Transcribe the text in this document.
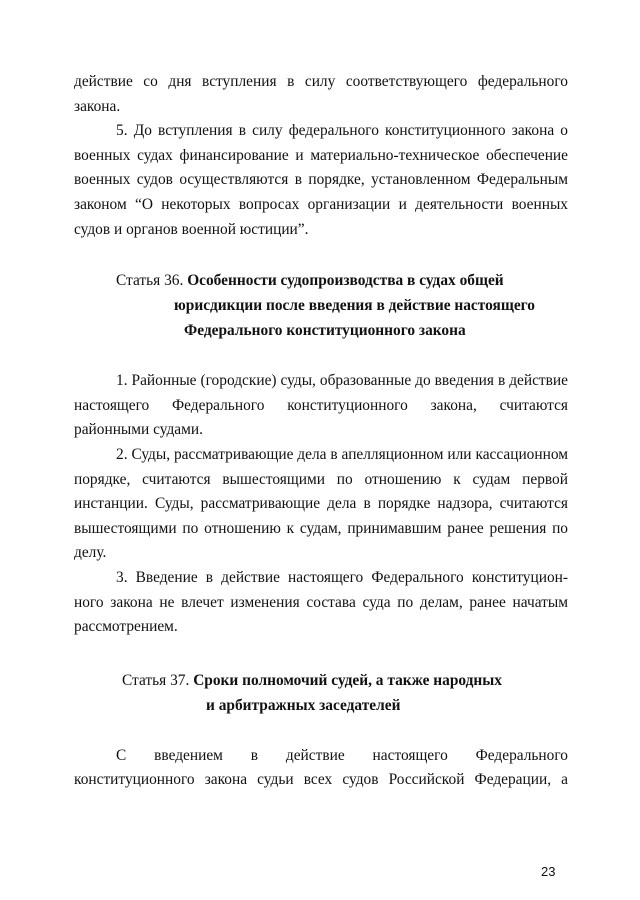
действие со дня вступления в силу соответствующего федерального закона.

5. До вступления в силу федерального конституционного закона о военных судах финансирование и материально-техническое обеспечение военных судов осуществляются в порядке, установленном Федеральным законом “О некоторых вопросах организации и деятельности военных судов и органов военной юстиции”.

Статья 36. Особенности судопроизводства в судах общей
юрисдикции после введения в действие настоящего
Федерального конституционного закона

1. Районные (городские) суды, образованные до введения в действие настоящего Федерального конституционного закона, считаются районными судами.

2. Суды, рассматривающие дела в апелляционном или кассационном порядке, считаются вышестоящими по отношению к судам первой инстанции. Суды, рассматривающие дела в порядке надзора, считаются вышестоящими по отношению к судам, принимавшим ранее решения по делу.

3. Введение в действие настоящего Федерального конституцион-ного закона не влечет изменения состава суда по делам, ранее начатым рассмотрением.

Статья 37. Сроки полномочий судей, а также народных
и арбитражных заседателей

С введением в действие настоящего Федерального конституционного закона судьи всех судов Российской Федерации, а

23
